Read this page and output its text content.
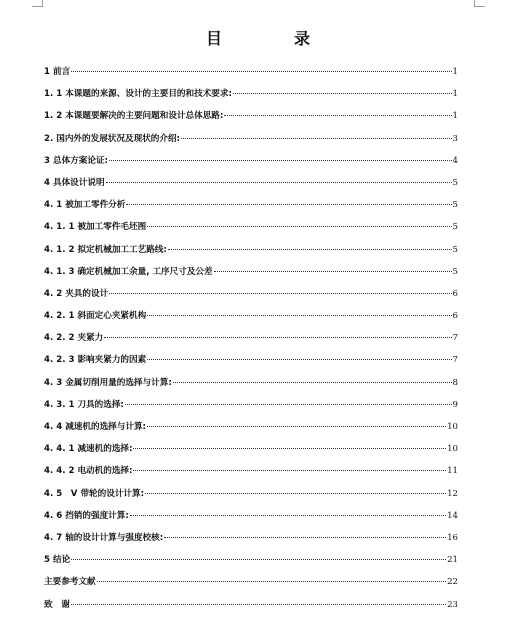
目　录
1 前言	1
1. 1 本课题的来源、设计的主要目的和技术要求:	1
1. 2 本课题要解决的主要问题和设计总体思路:	1
2. 国内外的发展状况及现状的介绍:	3
3 总体方案论证:	4
4 具体设计说明	5
4. 1 被加工零件分析	5
4. 1. 1 被加工零件毛坯图	5
4. 1. 2 拟定机械加工工艺路线:	5
4. 1. 3 确定机械加工余量, 工序尺寸及公差	5
4. 2 夹具的设计	6
4. 2. 1 斜面定心夹紧机构	6
4. 2. 2 夹紧力	7
4. 2. 3 影响夹紧力的因素	7
4. 3 金属切削用量的选择与计算:	8
4. 3. 1 刀具的选择:	9
4. 4 减速机的选择与计算:	10
4. 4. 1 减速机的选择:	10
4. 4. 2 电动机的选择:	11
4. 5　V 带轮的设计计算:	12
4. 6 挡销的强度计算:	14
4. 7 轴的设计计算与强度校核:	16
5 结论	21
主要参考文献	22
致　谢	23
